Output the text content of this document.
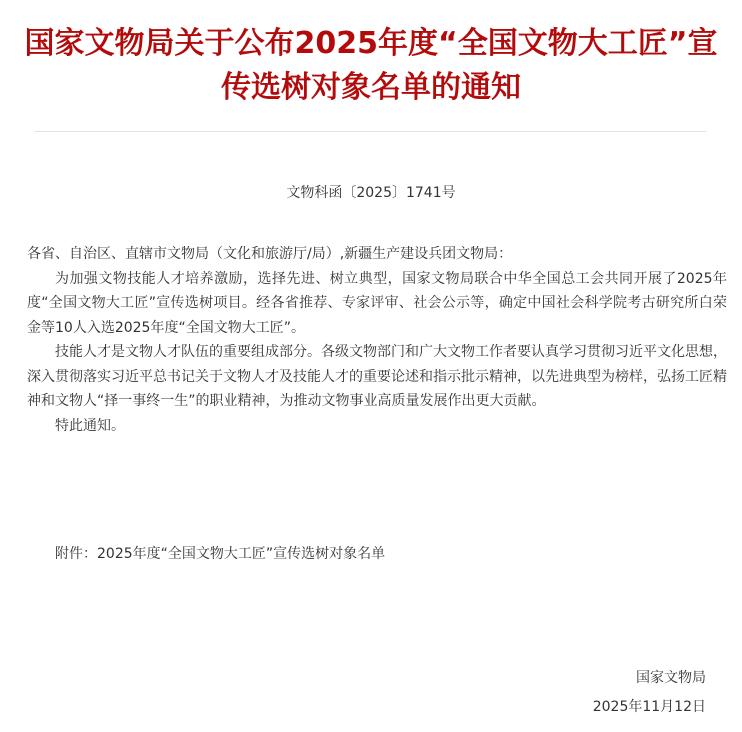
国家文物局关于公布2025年度“全国文物大工匠”宣传选树对象名单的通知
文物科函〔2025〕1741号

各省、自治区、直辖市文物局（文化和旅游厅/局）,新疆生产建设兵团文物局：

为加强文物技能人才培养激励，选择先进、树立典型，国家文物局联合中华全国总工会共同开展了2025年度“全国文物大工匠”宣传选树项目。经各省推荐、专家评审、社会公示等，确定中国社会科学院考古研究所白荣金等10人入选2025年度“全国文物大工匠”。

技能人才是文物人才队伍的重要组成部分。各级文物部门和广大文物工作者要认真学习贯彻习近平文化思想，深入贯彻落实习近平总书记关于文物人才及技能人才的重要论述和指示批示精神，以先进典型为榜样，弘扬工匠精神和文物人“择一事终一生”的职业精神，为推动文物事业高质量发展作出更大贡献。

特此通知。

附件：2025年度“全国文物大工匠”宣传选树对象名单
国家文物局
2025年11月12日
